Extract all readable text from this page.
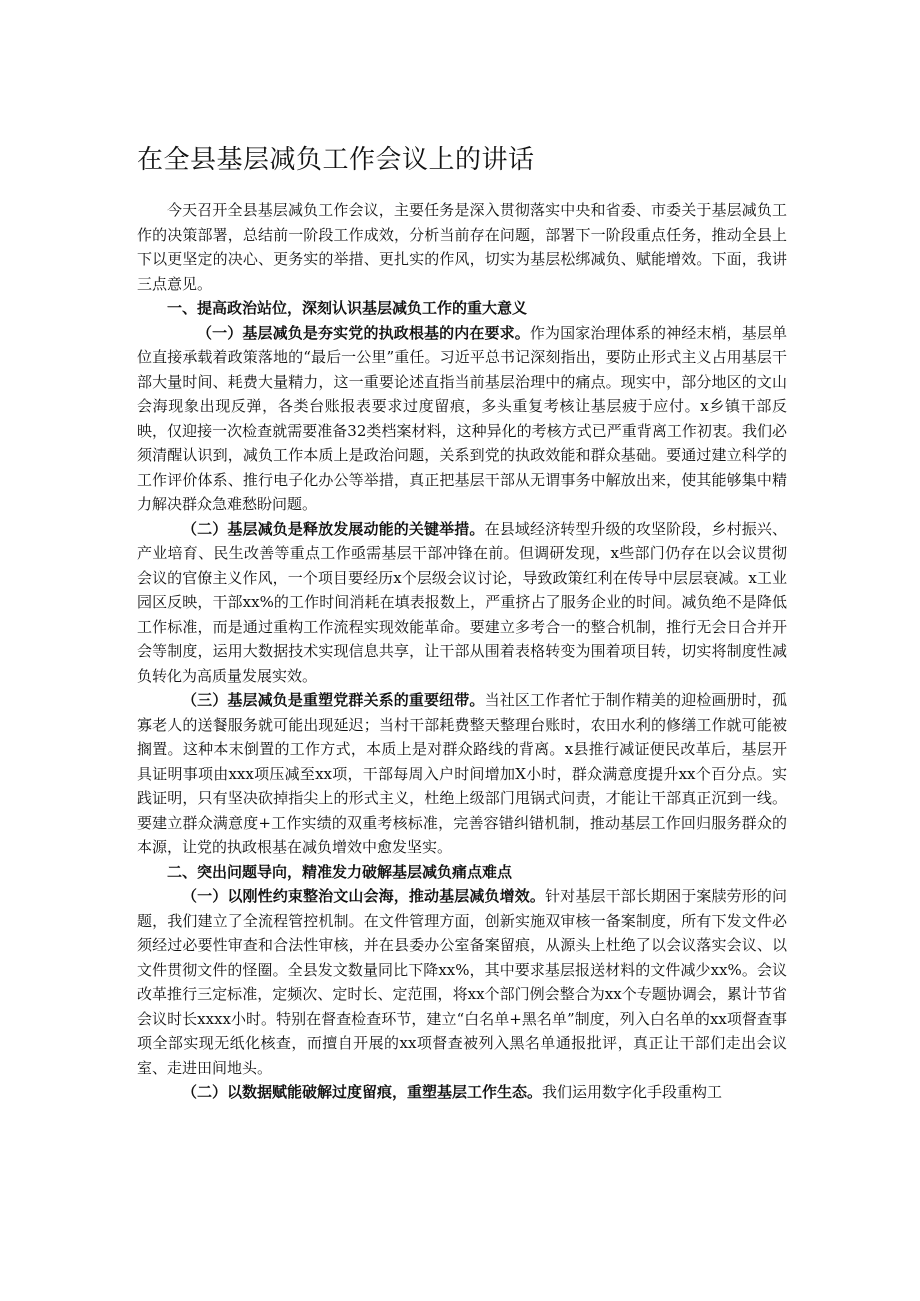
在全县基层减负工作会议上的讲话

今天召开全县基层减负工作会议，主要任务是深入贯彻落实中央和省委、市委关于基层减负工作的决策部署，总结前一阶段工作成效，分析当前存在问题，部署下一阶段重点任务，推动全县上下以更坚定的决心、更务实的举措、更扎实的作风，切实为基层松绑减负、赋能增效。下面，我讲三点意见。

一、提高政治站位，深刻认识基层减负工作的重大意义

（一）基层减负是夯实党的执政根基的内在要求。作为国家治理体系的神经末梢，基层单位直接承载着政策落地的“最后一公里”重任。习近平总书记深刻指出，要防止形式主义占用基层干部大量时间、耗费大量精力，这一重要论述直指当前基层治理中的痛点。现实中，部分地区的文山会海现象出现反弹，各类台账报表要求过度留痕，多头重复考核让基层疲于应付。x乡镇干部反映，仅迎接一次检查就需要准备32类档案材料，这种异化的考核方式已严重背离工作初衷。我们必须清醒认识到，减负工作本质上是政治问题，关系到党的执政效能和群众基础。要通过建立科学的工作评价体系、推行电子化办公等举措，真正把基层干部从无谓事务中解放出来，使其能够集中精力解决群众急难愁盼问题。

（二）基层减负是释放发展动能的关键举措。在县域经济转型升级的攻坚阶段，乡村振兴、产业培育、民生改善等重点工作亟需基层干部冲锋在前。但调研发现，x些部门仍存在以会议贯彻会议的官僚主义作风，一个项目要经历x个层级会议讨论，导致政策红利在传导中层层衰减。x工业园区反映，干部xx%的工作时间消耗在填表报数上，严重挤占了服务企业的时间。减负绝不是降低工作标准，而是通过重构工作流程实现效能革命。要建立多考合一的整合机制，推行无会日合并开会等制度，运用大数据技术实现信息共享，让干部从围着表格转变为围着项目转，切实将制度性减负转化为高质量发展实效。

（三）基层减负是重塑党群关系的重要纽带。当社区工作者忙于制作精美的迎检画册时，孤寡老人的送餐服务就可能出现延迟；当村干部耗费整天整理台账时，农田水利的修缮工作就可能被搁置。这种本末倒置的工作方式，本质上是对群众路线的背离。x县推行减证便民改革后，基层开具证明事项由xxx项压减至xx项，干部每周入户时间增加X小时，群众满意度提升xx个百分点。实践证明，只有坚决砍掉指尖上的形式主义，杜绝上级部门甩锅式问责，才能让干部真正沉到一线。要建立群众满意度+工作实绩的双重考核标准，完善容错纠错机制，推动基层工作回归服务群众的本源，让党的执政根基在减负增效中愈发坚实。

二、突出问题导向，精准发力破解基层减负痛点难点

（一）以刚性约束整治文山会海，推动基层减负增效。针对基层干部长期困于案牍劳形的问题，我们建立了全流程管控机制。在文件管理方面，创新实施双审核一备案制度，所有下发文件必须经过必要性审查和合法性审核，并在县委办公室备案留痕，从源头上杜绝了以会议落实会议、以文件贯彻文件的怪圈。全县发文数量同比下降xx%，其中要求基层报送材料的文件减少xx%。会议改革推行三定标准，定频次、定时长、定范围，将xx个部门例会整合为xx个专题协调会，累计节省会议时长xxxx小时。特别在督查检查环节，建立“白名单+黑名单”制度，列入白名单的xx项督查事项全部实现无纸化核查，而擅自开展的xx项督查被列入黑名单通报批评，真正让干部们走出会议室、走进田间地头。

（二）以数据赋能破解过度留痕，重塑基层工作生态。我们运用数字化手段重构工
